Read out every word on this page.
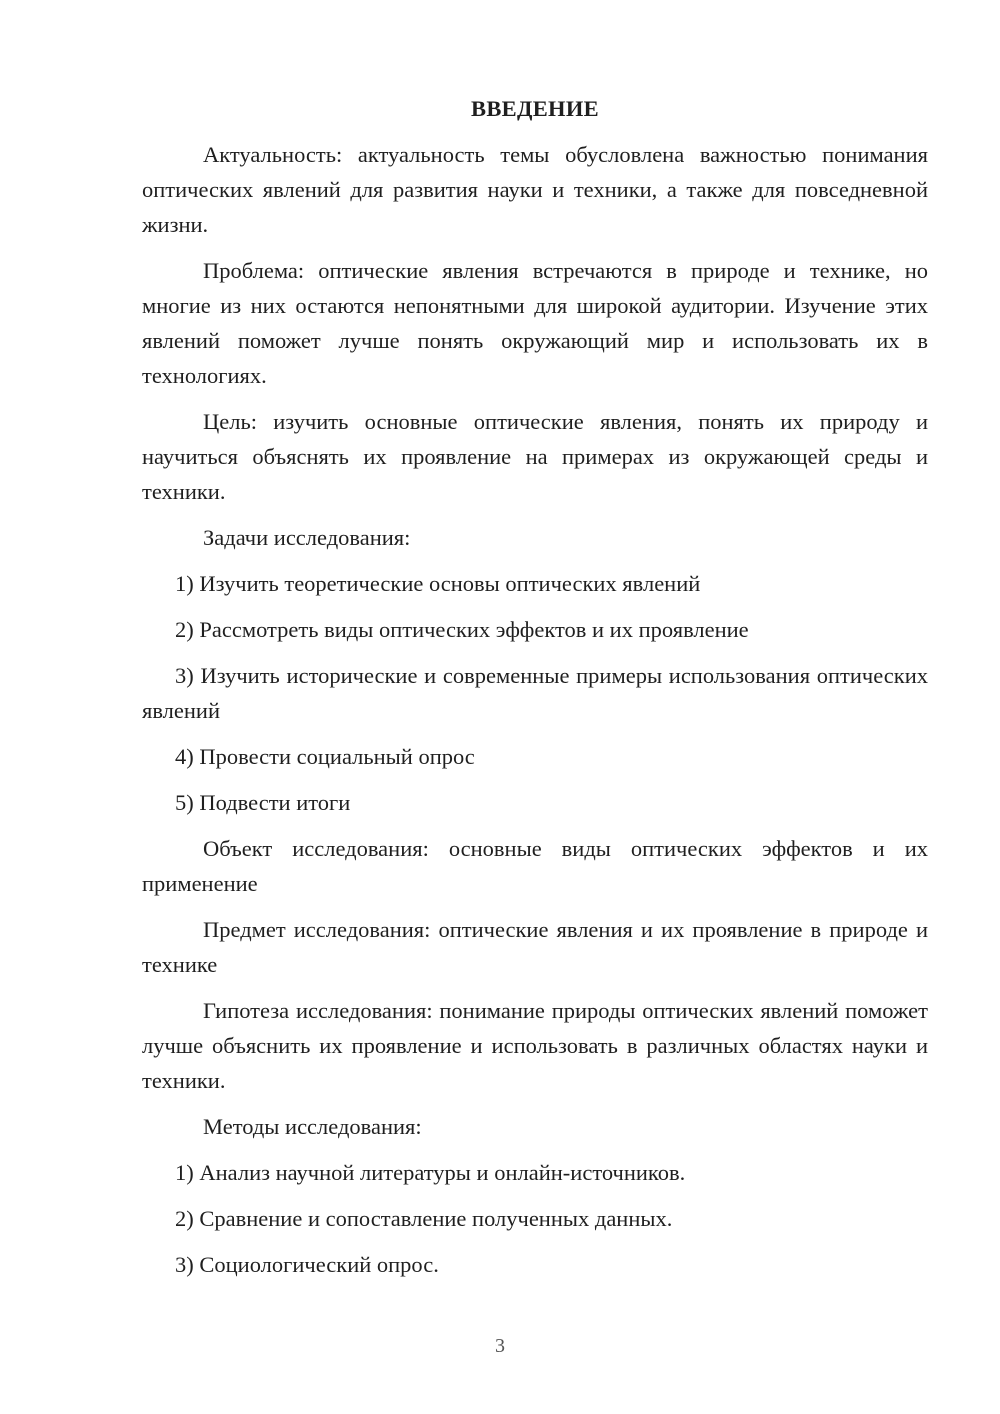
ВВЕДЕНИЕ

Актуальность: актуальность темы обусловлена важностью понимания оптических явлений для развития науки и техники, а также для повседневной жизни.

Проблема: оптические явления встречаются в природе и технике, но многие из них остаются непонятными для широкой аудитории. Изучение этих явлений поможет лучше понять окружающий мир и использовать их в технологиях.

Цель: изучить основные оптические явления, понять их природу и научиться объяснять их проявление на примерах из окружающей среды и техники.

Задачи исследования:

1) Изучить теоретические основы оптических явлений

2) Рассмотреть виды оптических эффектов и их проявление

3) Изучить исторические и современные примеры использования оптических явлений

4) Провести социальный опрос

5) Подвести итоги

Объект исследования: основные виды оптических эффектов и их применение

Предмет исследования: оптические явления и их проявление в природе и технике

Гипотеза исследования: понимание природы оптических явлений поможет лучше объяснить их проявление и использовать в различных областях науки и техники.

Методы исследования:

1) Анализ научной литературы и онлайн-источников.

2) Сравнение и сопоставление полученных данных.

3) Социологический опрос.

3
